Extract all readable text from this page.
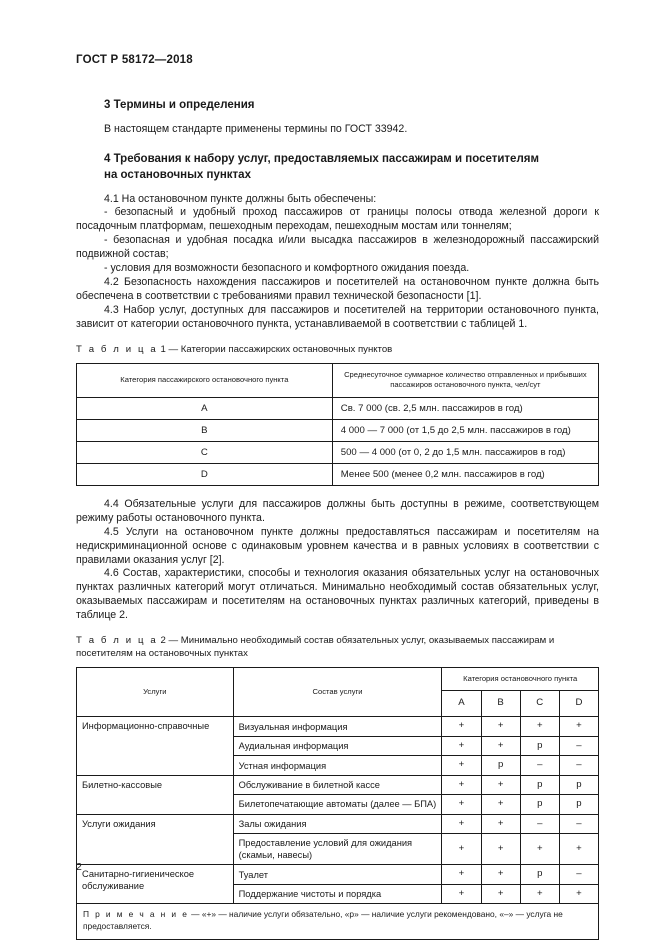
ГОСТ Р 58172—2018
3 Термины и определения

В настоящем стандарте применены термины по ГОСТ 33942.

4 Требования к набору услуг, предоставляемых пассажирам и посетителям
на остановочных пунктах

4.1 На остановочном пункте должны быть обеспечены:

- безопасный и удобный проход пассажиров от границы полосы отвода железной дороги к посадочным платформам, пешеходным переходам, пешеходным мостам или тоннелям;

- безопасная и удобная посадка и/или высадка пассажиров в железнодорожный пассажирский подвижной состав;

- условия для возможности безопасного и комфортного ожидания поезда.

4.2 Безопасность нахождения пассажиров и посетителей на остановочном пункте должна быть обеспечена в соответствии с требованиями правил технической безопасности [1].

4.3 Набор услуг, доступных для пассажиров и посетителей на территории остановочного пункта, зависит от категории остановочного пункта, устанавливаемой в соответствии с таблицей 1.

Т а б л и ц а 1 — Категории пассажирских остановочных пунктов
Категория пассажирского остановочного пункта	Среднесуточное суммарное количество отправленных и прибывших пассажиров остановочного пункта, чел/сут
A	Св. 7 000 (св. 2,5 млн. пассажиров в год)
B	4 000 — 7 000 (от 1,5 до 2,5 млн. пассажиров в год)
C	500 — 4 000 (от 0, 2 до 1,5 млн. пассажиров в год)
D	Менее 500 (менее 0,2 млн. пассажиров в год)

4.4 Обязательные услуги для пассажиров должны быть доступны в режиме, соответствующем режиму работы остановочного пункта.

4.5 Услуги на остановочном пункте должны предоставляться пассажирам и посетителям на недискриминационной основе с одинаковым уровнем качества и в равных условиях в соответствии с правилами оказания услуг [2].

4.6 Состав, характеристики, способы и технология оказания обязательных услуг на остановочных пунктах различных категорий могут отличаться. Минимально необходимый состав обязательных услуг, оказываемых пассажирам и посетителям на остановочных пунктах различных категорий, приведены в таблице 2.

Т а б л и ц а 2 — Минимально необходимый состав обязательных услуг, оказываемых пассажирам и посетителям на остановочных пунктах
Услуги	Состав услуги	Категория остановочного пункта			
		A	B	C	D
Информационно-справочные	Визуальная информация	+	+	+	+
	Аудиальная информация	+	+	р	–
	Устная информация	+	р	–	–
Билетно-кассовые	Обслуживание в билетной кассе	+	+	р	р
	Билетопечатающие автоматы (далее — БПА)	+	+	р	р
Услуги ожидания	Залы ожидания	+	+	–	–
	Предоставление условий для ожидания (скамьи, навесы)	+	+	+	+
Санитарно-гигиеническое обслуживание	Туалет	+	+	р	–
	Поддержание чистоты и порядка	+	+	+	+
П р и м е ч а н и е — «+» — наличие услуги обязательно, «р» — наличие услуги рекомендовано, «–» — услуга не предоставляется.					
2
